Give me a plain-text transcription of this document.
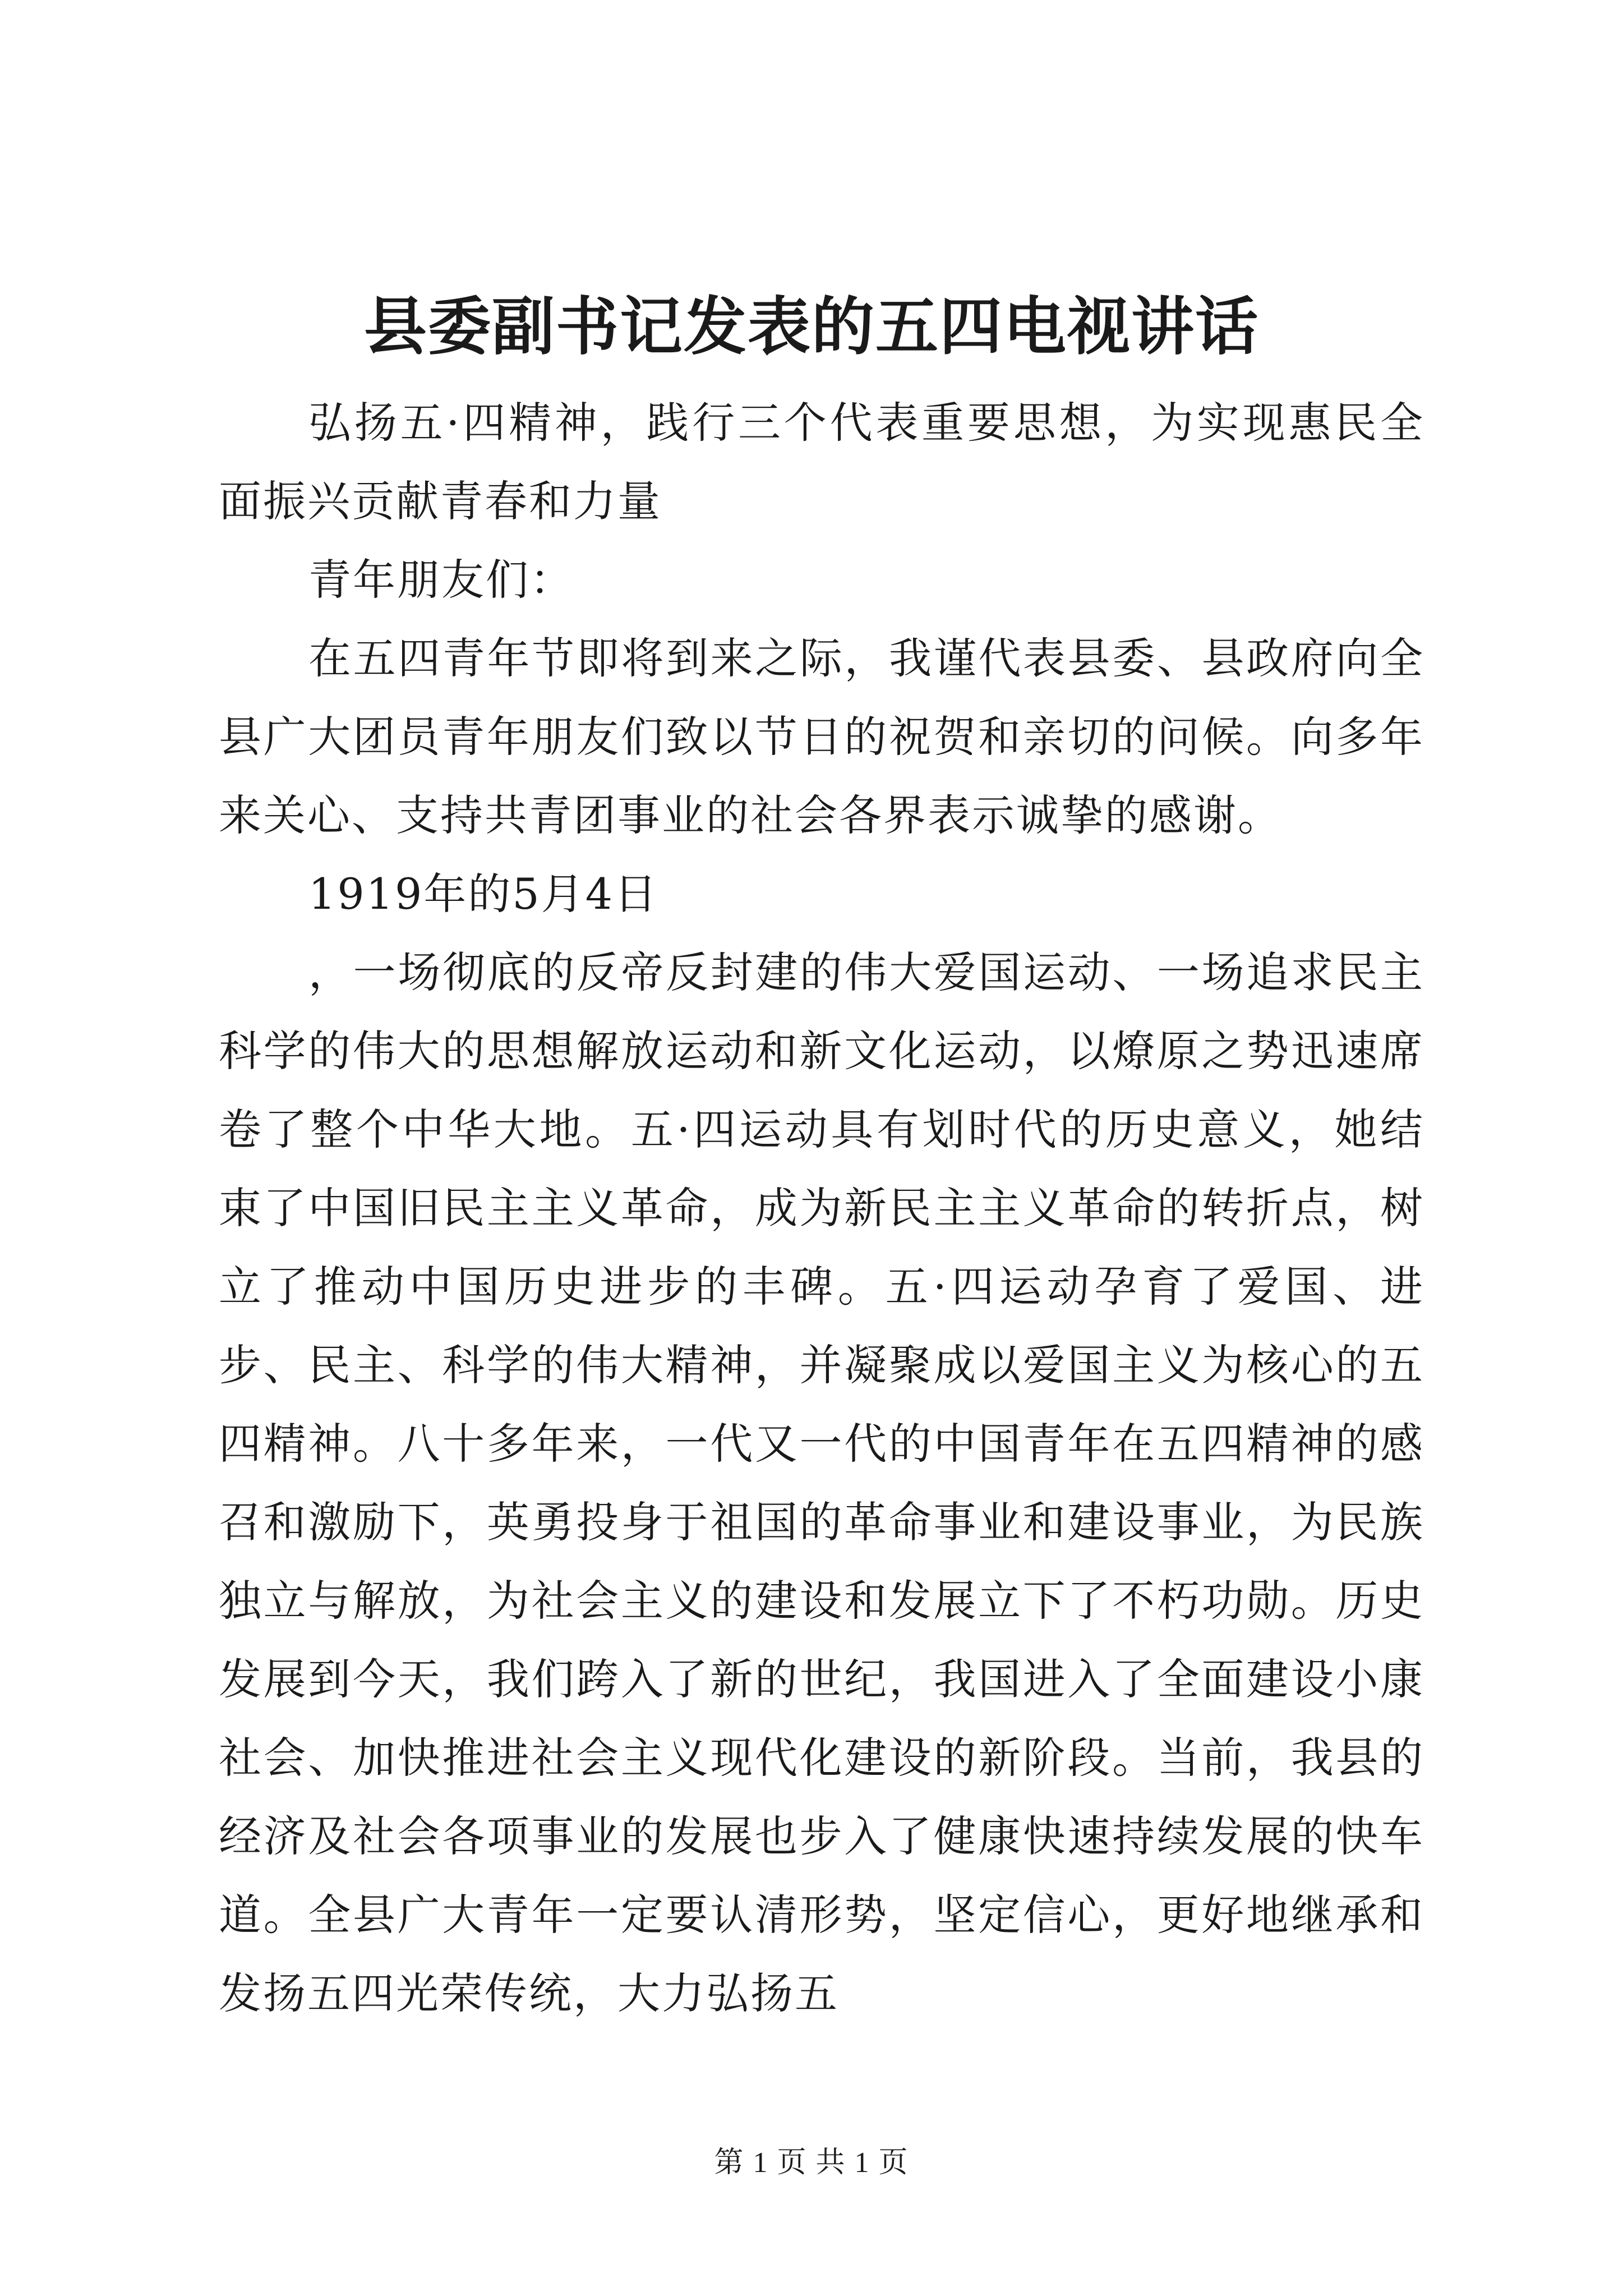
县委副书记发表的五四电视讲话

弘扬五·四精神，践行三个代表重要思想，为实现惠民全面振兴贡献青春和力量

青年朋友们：

在五四青年节即将到来之际，我谨代表县委、县政府向全县广大团员青年朋友们致以节日的祝贺和亲切的问候。向多年来关心、支持共青团事业的社会各界表示诚挚的感谢。

1919年的5月4日

，一场彻底的反帝反封建的伟大爱国运动、一场追求民主科学的伟大的思想解放运动和新文化运动，以燎原之势迅速席卷了整个中华大地。五·四运动具有划时代的历史意义，她结束了中国旧民主主义革命，成为新民主主义革命的转折点，树立了推动中国历史进步的丰碑。五·四运动孕育了爱国、进步、民主、科学的伟大精神，并凝聚成以爱国主义为核心的五四精神。八十多年来，一代又一代的中国青年在五四精神的感召和激励下，英勇投身于祖国的革命事业和建设事业，为民族独立与解放，为社会主义的建设和发展立下了不朽功勋。历史发展到今天，我们跨入了新的世纪，我国进入了全面建设小康社会、加快推进社会主义现代化建设的新阶段。当前，我县的经济及社会各项事业的发展也步入了健康快速持续发展的快车道。全县广大青年一定要认清形势，坚定信心，更好地继承和发扬五四光荣传统，大力弘扬五

第 1 页 共 1 页
